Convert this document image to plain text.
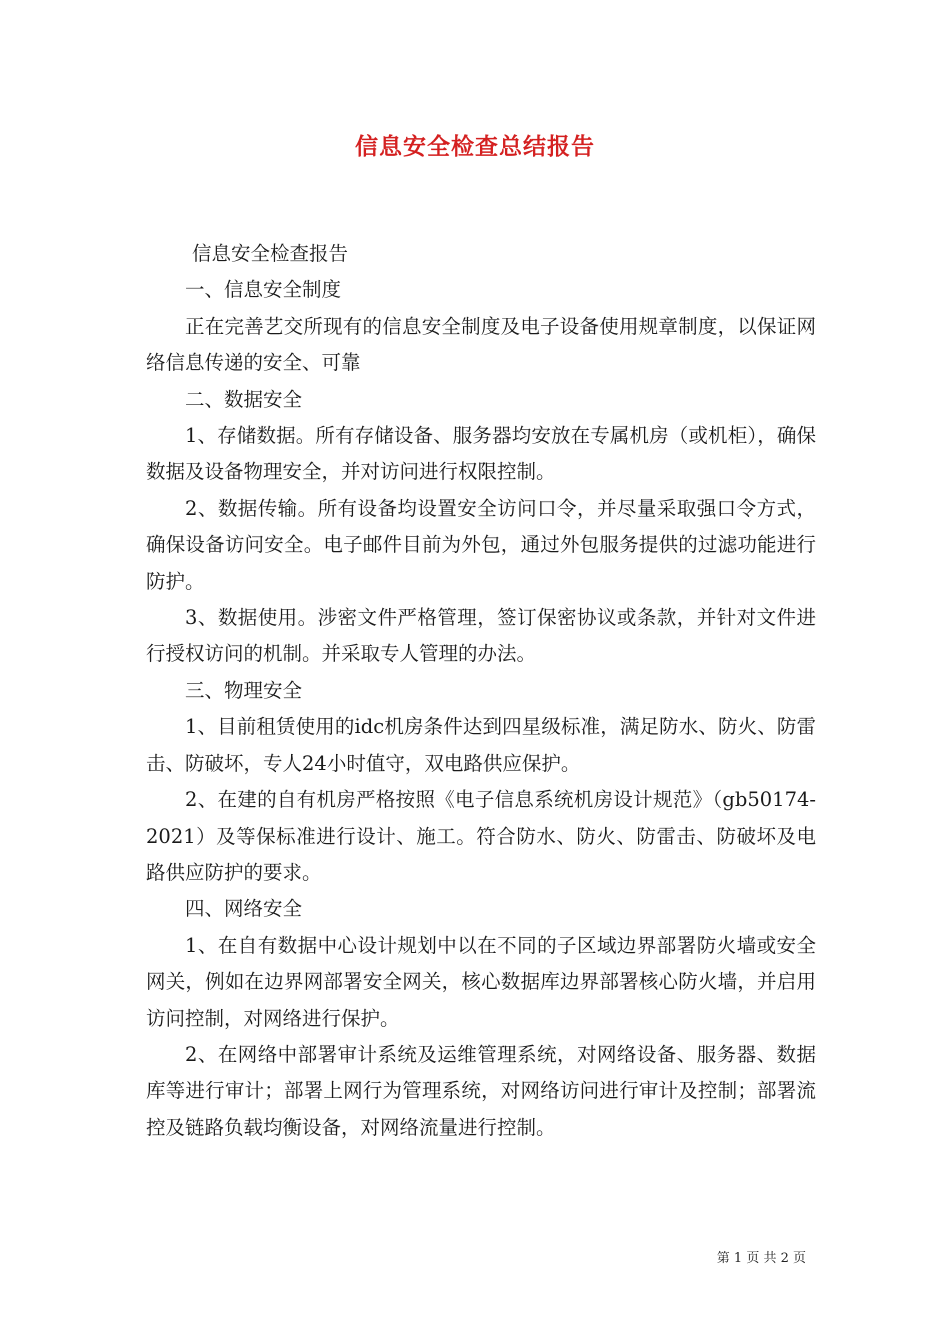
信息安全检查总结报告

信息安全检查报告

一、信息安全制度

正在完善艺交所现有的信息安全制度及电子设备使用规章制度，以保证网络信息传递的安全、可靠

二、数据安全

1、存储数据。所有存储设备、服务器均安放在专属机房（或机柜），确保数据及设备物理安全，并对访问进行权限控制。

2、数据传输。所有设备均设置安全访问口令，并尽量采取强口令方式，确保设备访问安全。电子邮件目前为外包，通过外包服务提供的过滤功能进行防护。

3、数据使用。涉密文件严格管理，签订保密协议或条款，并针对文件进行授权访问的机制。并采取专人管理的办法。

三、物理安全

1、目前租赁使用的idc机房条件达到四星级标准，满足防水、防火、防雷击、防破坏，专人24小时值守，双电路供应保护。

2、在建的自有机房严格按照《电子信息系统机房设计规范》（gb50174-2021）及等保标准进行设计、施工。符合防水、防火、防雷击、防破坏及电路供应防护的要求。

四、网络安全

1、在自有数据中心设计规划中以在不同的子区域边界部署防火墙或安全网关，例如在边界网部署安全网关，核心数据库边界部署核心防火墙，并启用访问控制，对网络进行保护。

2、在网络中部署审计系统及运维管理系统，对网络设备、服务器、数据库等进行审计；部署上网行为管理系统，对网络访问进行审计及控制；部署流控及链路负载均衡设备，对网络流量进行控制。

第 1 页 共 2 页
